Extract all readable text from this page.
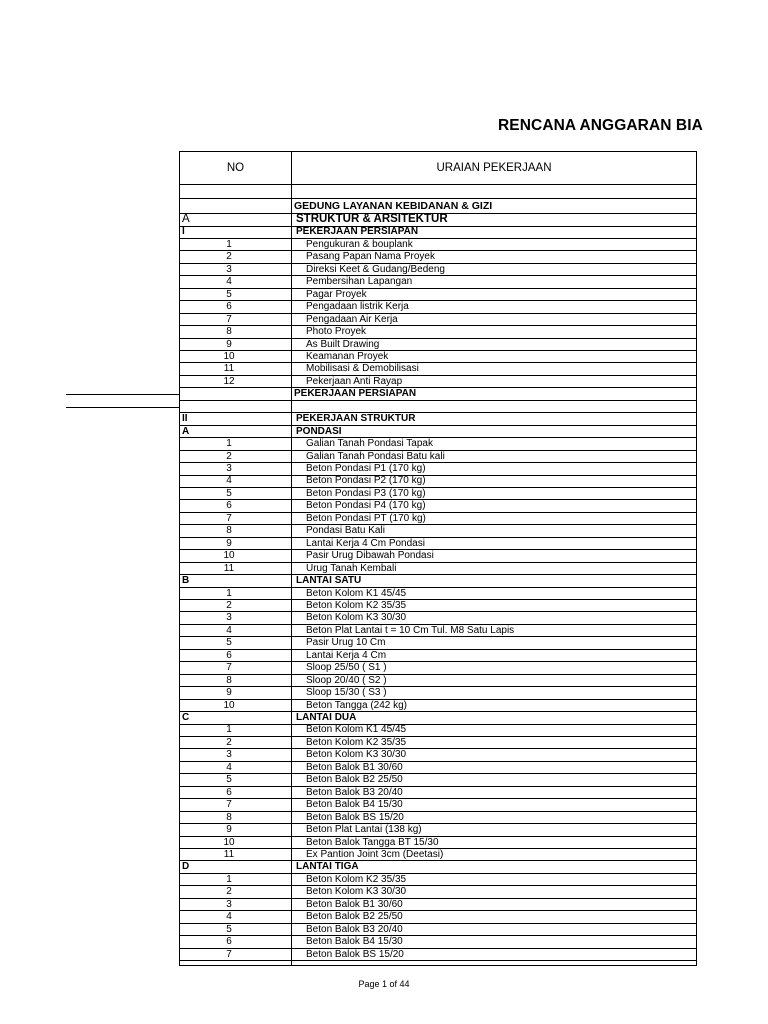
RENCANA ANGGARAN BIA
NO	URAIAN PEKERJAAN
GEDUNG LAYANAN KEBIDANAN & GIZI
A	STRUKTUR & ARSITEKTUR
I	PEKERJAAN PERSIAPAN
1	Pengukuran & bouplank
2	Pasang Papan Nama Proyek
3	Direksi Keet & Gudang/Bedeng
4	Pembersihan Lapangan
5	Pagar Proyek
6	Pengadaan listrik Kerja
7	Pengadaan Air Kerja
8	Photo Proyek
9	As Built Drawing
10	Keamanan Proyek
11	Mobilisasi & Demobilisasi
12	Pekerjaan Anti Rayap
PEKERJAAN PERSIAPAN
II	PEKERJAAN STRUKTUR
A	PONDASI
1	Galian Tanah Pondasi Tapak
2	Galian Tanah Pondasi Batu kali
3	Beton Pondasi P1 (170 kg)
4	Beton Pondasi P2 (170 kg)
5	Beton Pondasi P3 (170 kg)
6	Beton Pondasi P4 (170 kg)
7	Beton Pondasi PT (170 kg)
8	Pondasi Batu Kali
9	Lantai Kerja 4 Cm Pondasi
10	Pasir Urug Dibawah Pondasi
11	Urug Tanah Kembali
B	LANTAI SATU
1	Beton Kolom K1 45/45
2	Beton Kolom K2 35/35
3	Beton Kolom K3 30/30
4	Beton Plat Lantai t = 10 Cm Tul. M8 Satu Lapis
5	Pasir Urug 10 Cm
6	Lantai Kerja 4 Cm
7	Sloop 25/50 ( S1 )
8	Sloop 20/40 ( S2 )
9	Sloop 15/30 ( S3 )
10	Beton Tangga (242 kg)
C	LANTAI DUA
1	Beton Kolom K1 45/45
2	Beton Kolom K2 35/35
3	Beton Kolom K3 30/30
4	Beton Balok B1 30/60
5	Beton Balok B2 25/50
6	Beton Balok B3 20/40
7	Beton Balok B4 15/30
8	Beton Balok BS 15/20
9	Beton Plat Lantai (138 kg)
10	Beton Balok Tangga BT 15/30
11	Ex Pantion Joint 3cm (Deetasi)
D	LANTAI TIGA
1	Beton Kolom K2 35/35
2	Beton Kolom K3 30/30
3	Beton Balok B1 30/60
4	Beton Balok B2 25/50
5	Beton Balok B3 20/40
6	Beton Balok B4 15/30
7	Beton Balok BS 15/20
Page 1 of 44
